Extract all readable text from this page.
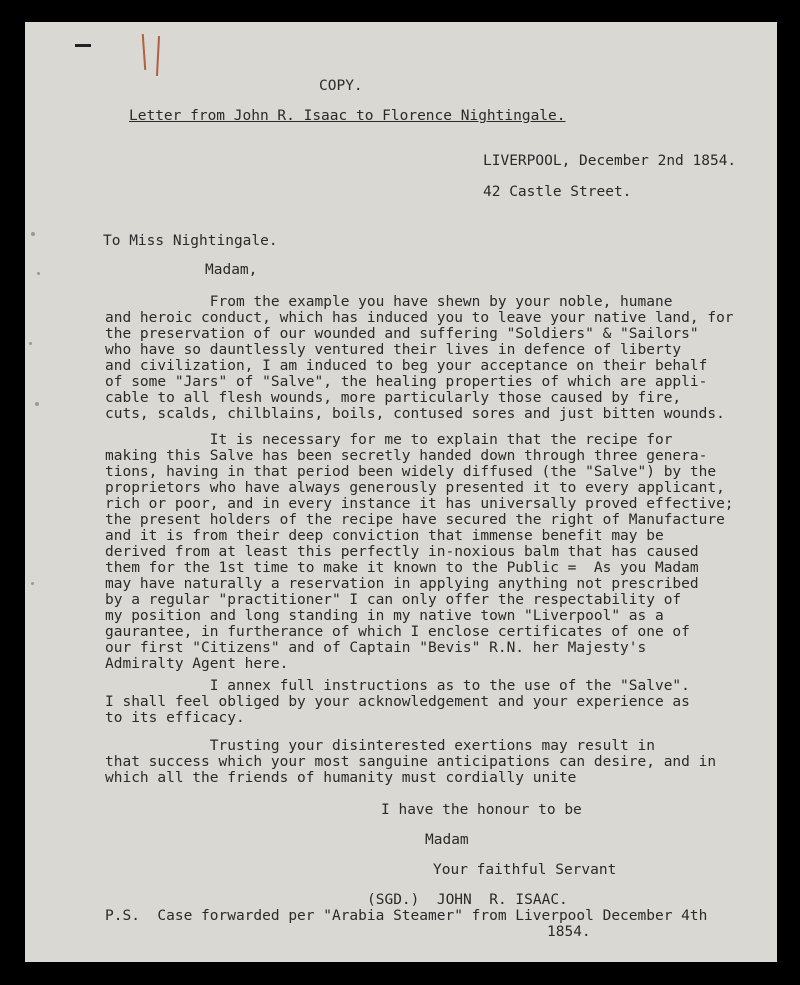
COPY.

Letter from John R. Isaac to Florence Nightingale.

LIVERPOOL, December 2nd 1854.

42 Castle Street.

To Miss Nightingale.

Madam,

From the example you have shewn by your noble, humane

and heroic conduct, which has induced you to leave your native land, for

the preservation of our wounded and suffering "Soldiers" & "Sailors"

who have so dauntlessly ventured their lives in defence of liberty

and civilization, I am induced to beg your acceptance on their behalf

of some "Jars" of "Salve", the healing properties of which are appli-

cable to all flesh wounds, more particularly those caused by fire,

cuts, scalds, chilblains, boils, contused sores and just bitten wounds.

It is necessary for me to explain that the recipe for

making this Salve has been secretly handed down through three genera-

tions, having in that period been widely diffused (the "Salve") by the

proprietors who have always generously presented it to every applicant,

rich or poor, and in every instance it has universally proved effective;

the present holders of the recipe have secured the right of Manufacture

and it is from their deep conviction that immense benefit may be

derived from at least this perfectly in-noxious balm that has caused

them for the 1st time to make it known to the Public =  As you Madam

may have naturally a reservation in applying anything not prescribed

by a regular "practitioner" I can only offer the respectability of

my position and long standing in my native town "Liverpool" as a

gaurantee, in furtherance of which I enclose certificates of one of

our first "Citizens" and of Captain "Bevis" R.N. her Majesty's

Admiralty Agent here.

I annex full instructions as to the use of the "Salve".

I shall feel obliged by your acknowledgement and your experience as

to its efficacy.

Trusting your disinterested exertions may result in

that success which your most sanguine anticipations can desire, and in

which all the friends of humanity must cordially unite

I have the honour to be

Madam

Your faithful Servant

(SGD.)  JOHN  R. ISAAC.

P.S.  Case forwarded per "Arabia Steamer" from Liverpool December 4th

1854.
